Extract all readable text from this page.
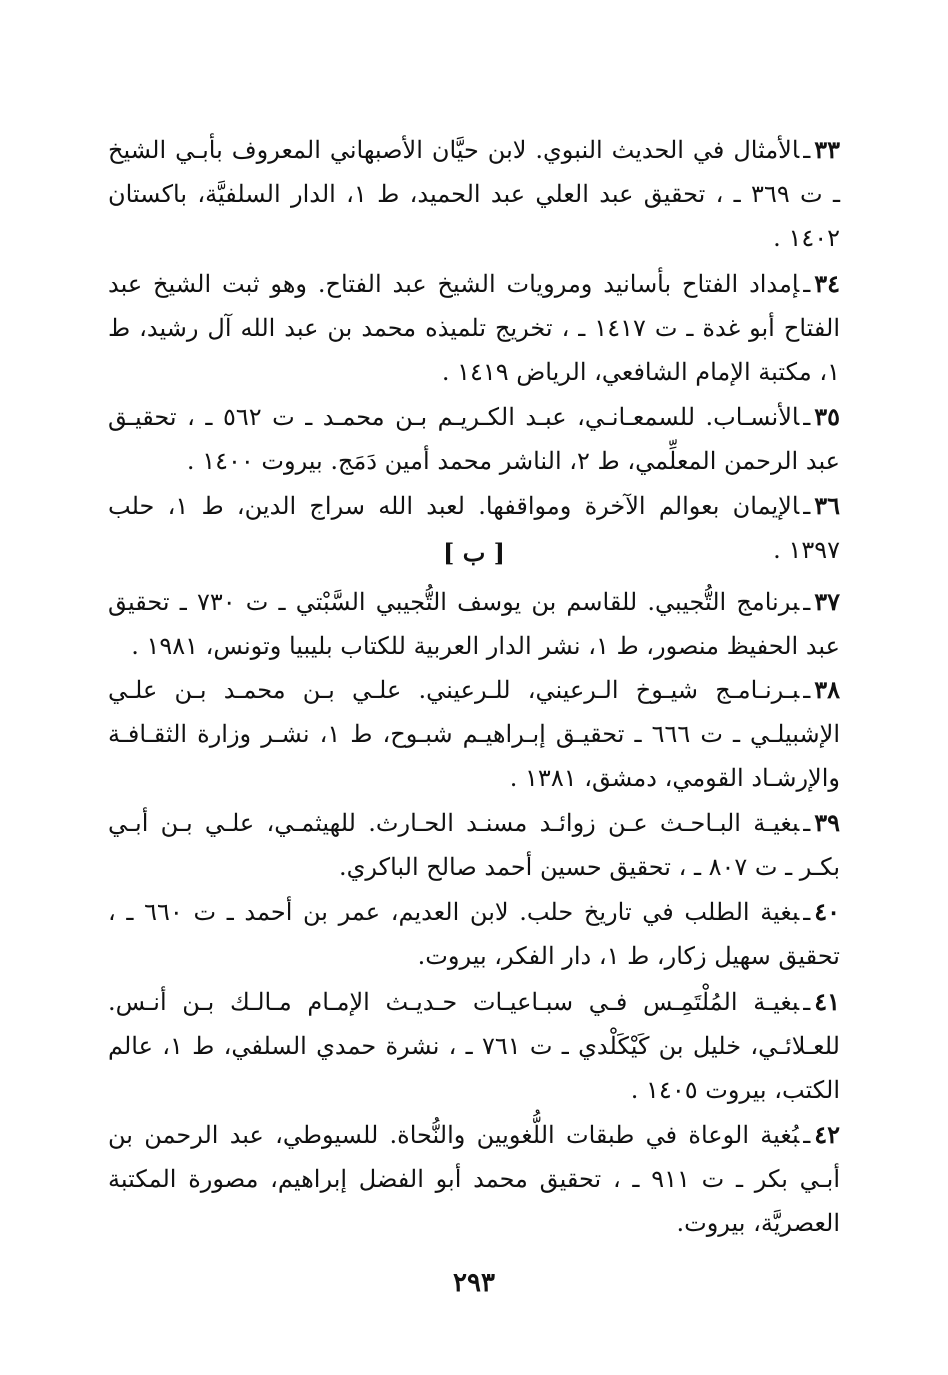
٣٣ـالأمثال في الحديث النبوي. لابن حيَّان الأصبهاني المعروف بأبـي الشيخ ـ ت ٣٦٩ ـ ، تحقيق عبد العلي عبد الحميد، ط ١، الدار السلفيَّة، باكستان ١٤٠٢ .
٣٤ـإمداد الفتاح بأسانيد ومرويات الشيخ عبد الفتاح. وهو ثبت الشيخ عبد الفتاح أبو غدة ـ ت ١٤١٧ ـ ، تخريج تلميذه محمد بن عبد الله آل رشيد، ط ١، مكتبة الإمام الشافعي، الرياض ١٤١٩ .
٣٥ـالأنسـاب. للسمعـانـي، عبـد الكـريـم بـن محمـد ـ ت ٥٦٢ ـ ، تحقيـق عبد الرحمن المعلِّمي، ط ٢، الناشر محمد أمين دَمَج. بيروت ١٤٠٠ .
٣٦ـالإيمان بعوالم الآخرة ومواقفها. لعبد الله سراج الدين، ط ١، حلب ١٣٩٧ .
٣٧ـبرنامج التُّجيبي. للقاسم بن يوسف التُّجيبي السَّبْتي ـ ت ٧٣٠ ـ تحقيق عبد الحفيظ منصور، ط ١، نشر الدار العربية للكتاب بليبيا وتونس، ١٩٨١ .
٣٨ـبـرنـامـج شيـوخ الـرعيني، للـرعيني. علـي بـن محمـد بـن علـي الإشبيلـي ـ ت ٦٦٦ ـ تحقيـق إبـراهيـم شبـوح، ط ١، نشـر وزارة الثقـافـة والإرشـاد القومي، دمشق، ١٣٨١ .
٣٩ـبغيـة البـاحـث عـن زوائـد مسنـد الحـارث. للهيثمـي، علـي بـن أبـي بكـر ـ ت ٨٠٧ ـ ، تحقيق حسين أحمد صالح الباكري.
٤٠ـبغية الطلب في تاريخ حلب. لابن العديم، عمر بن أحمد ـ ت ٦٦٠ ـ ، تحقيق سهيل زكار، ط ١، دار الفكر، بيروت.
٤١ـبغيـة المُلْتَمِـس فـي سبـاعيـات حـديـث الإمـام مـالـك بـن أنـس. للعـلائـي، خليل بن كَيْكَلْدي ـ ت ٧٦١ ـ ، نشرة حمدي السلفي، ط ١، عالم الكتب، بيروت ١٤٠٥ .
٤٢ـبُغية الوعاة في طبقات اللُّغويين والنُّحاة. للسيوطي، عبد الرحمن بن أبـي بكر ـ ت ٩١١ ـ ، تحقيق محمد أبو الفضل إبراهيم، مصورة المكتبة العصريَّة، بيروت.
[ ب ]
٢٩٣
